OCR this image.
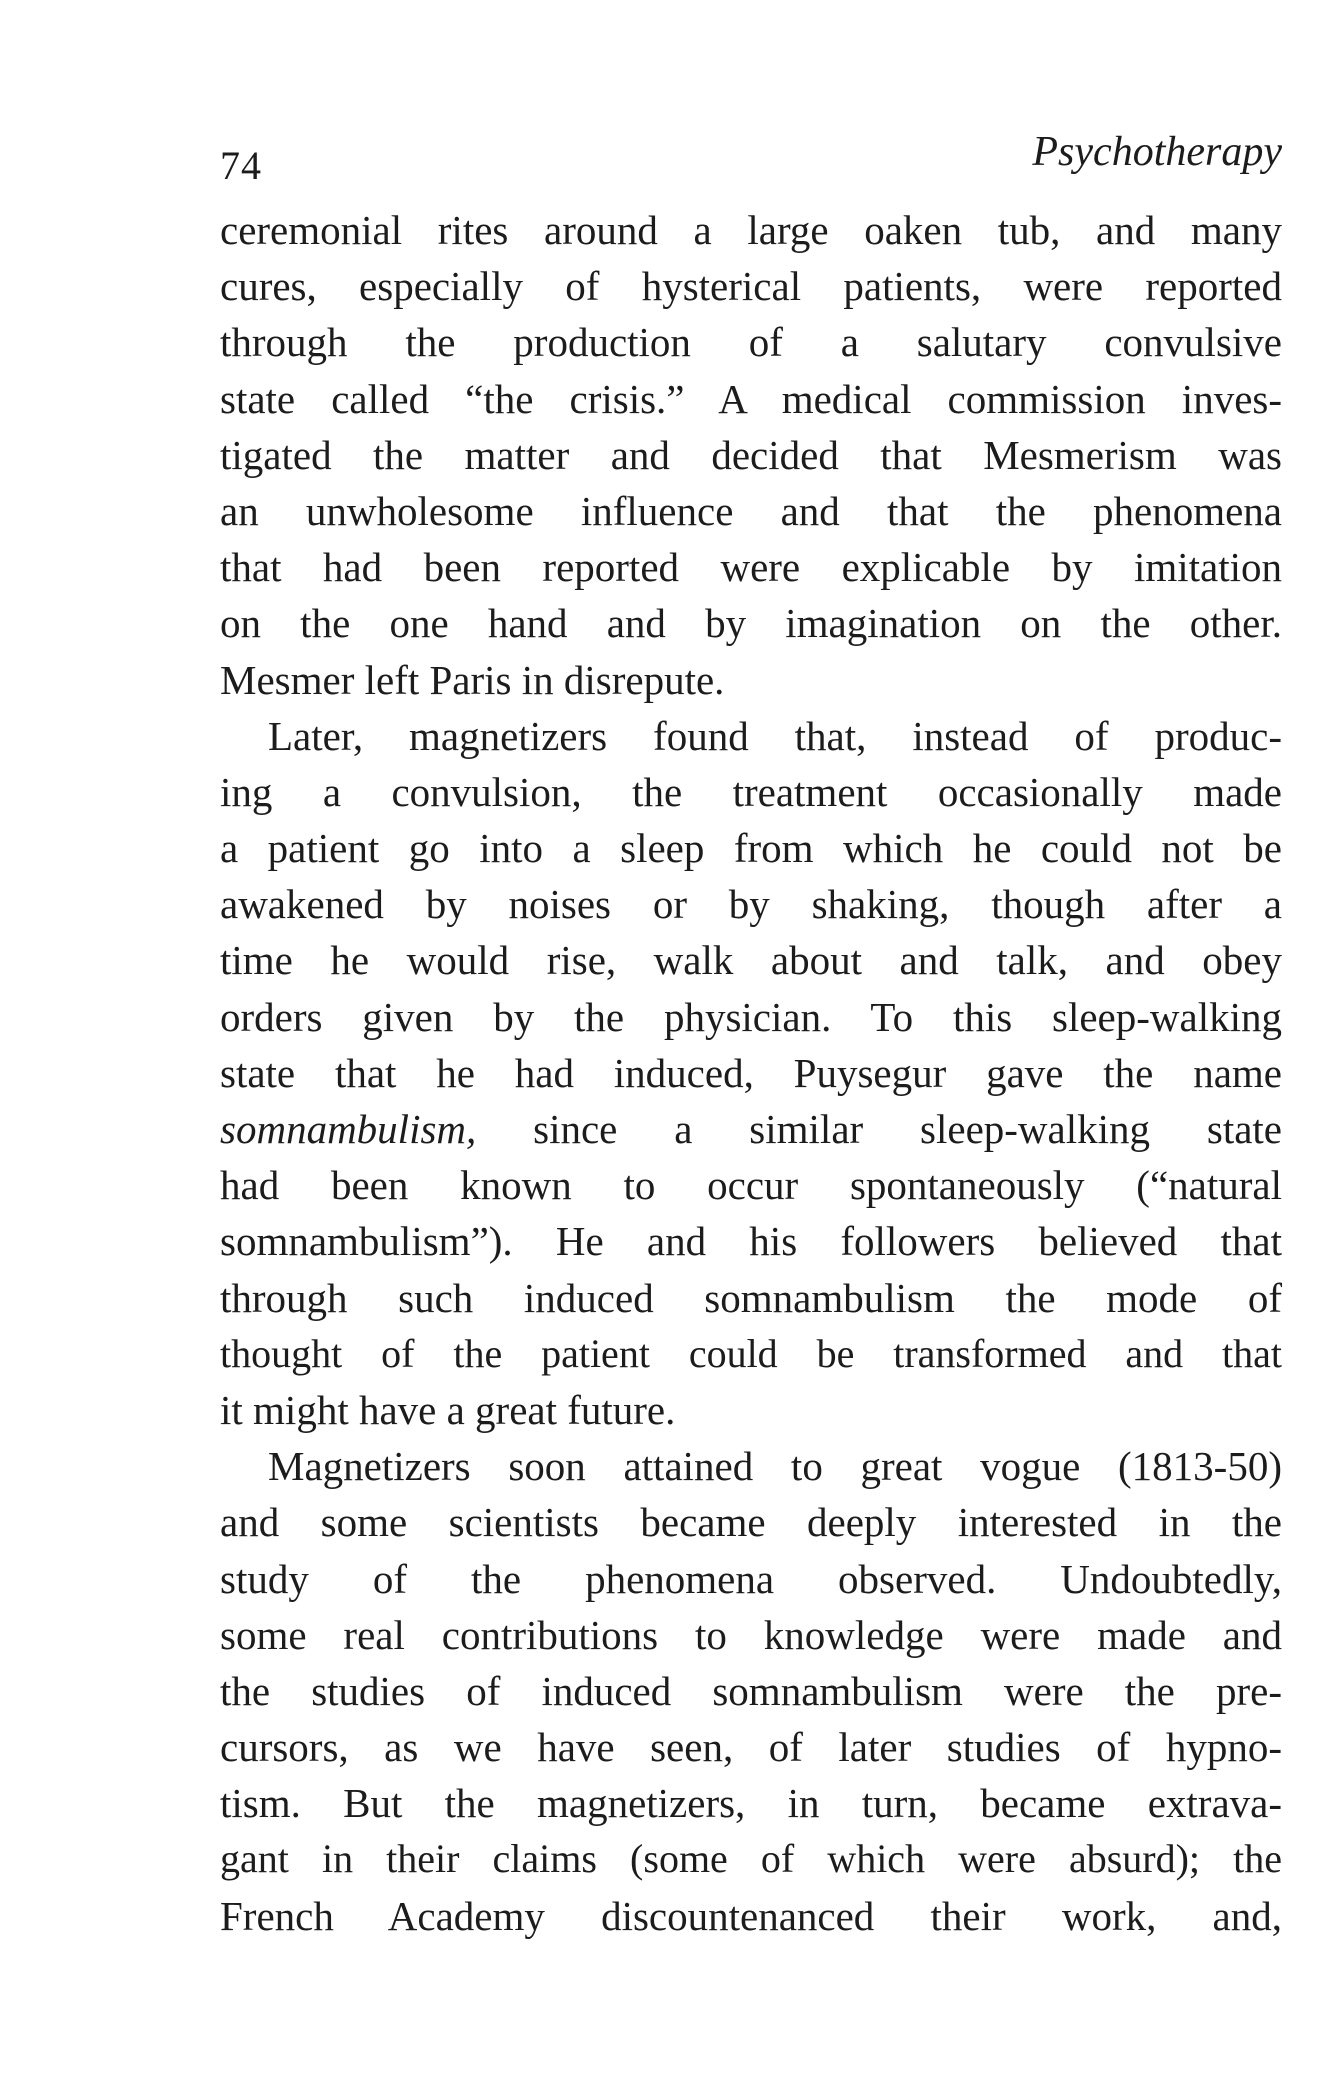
74	Psychotherapy
ceremonial rites around a large oaken tub, and many
cures, especially of hysterical patients, were reported
through the production of a salutary convulsive
state called “the crisis.” A medical commission inves-
tigated the matter and decided that Mesmerism was
an unwholesome influence and that the phenomena
that had been reported were explicable by imitation
on the one hand and by imagination on the other.
Mesmer left Paris in disrepute.
Later, magnetizers found that, instead of produc-
ing a convulsion, the treatment occasionally made
a patient go into a sleep from which he could not be
awakened by noises or by shaking, though after a
time he would rise, walk about and talk, and obey
orders given by the physician. To this sleep-walking
state that he had induced, Puysegur gave the name
somnambulism, since a similar sleep-walking state
had been known to occur spontaneously (“natural
somnambulism”). He and his followers believed that
through such induced somnambulism the mode of
thought of the patient could be transformed and that
it might have a great future.
Magnetizers soon attained to great vogue (1813-50)
and some scientists became deeply interested in the
study of the phenomena observed. Undoubtedly,
some real contributions to knowledge were made and
the studies of induced somnambulism were the pre-
cursors, as we have seen, of later studies of hypno-
tism. But the magnetizers, in turn, became extrava-
gant in their claims (some of which were absurd); the
French Academy discountenanced their work, and,
